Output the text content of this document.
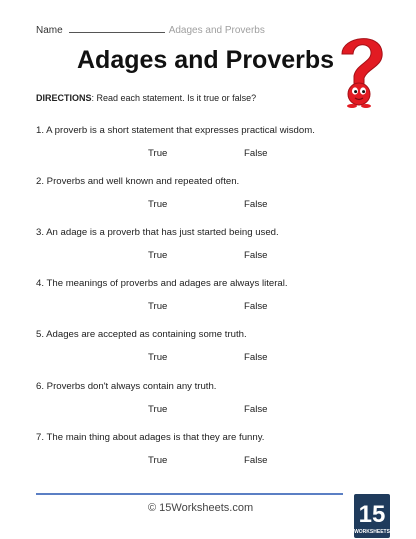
Name	Adages and Proverbs
Adages and Proverbs
DIRECTIONS: Read each statement. Is it true or false?
1. A proverb is a short statement that expresses practical wisdom.
True	False
2. Proverbs and well known and repeated often.
True	False
3. An adage is a proverb that has just started being used.
True	False
4. The meanings of proverbs and adages are always literal.
True	False
5. Adages are accepted as containing some truth.
True	False
6. Proverbs don't always contain any truth.
True	False
7. The main thing about adages is that they are funny.
True	False
© 15Worksheets.com	15
WORKSHEETS
